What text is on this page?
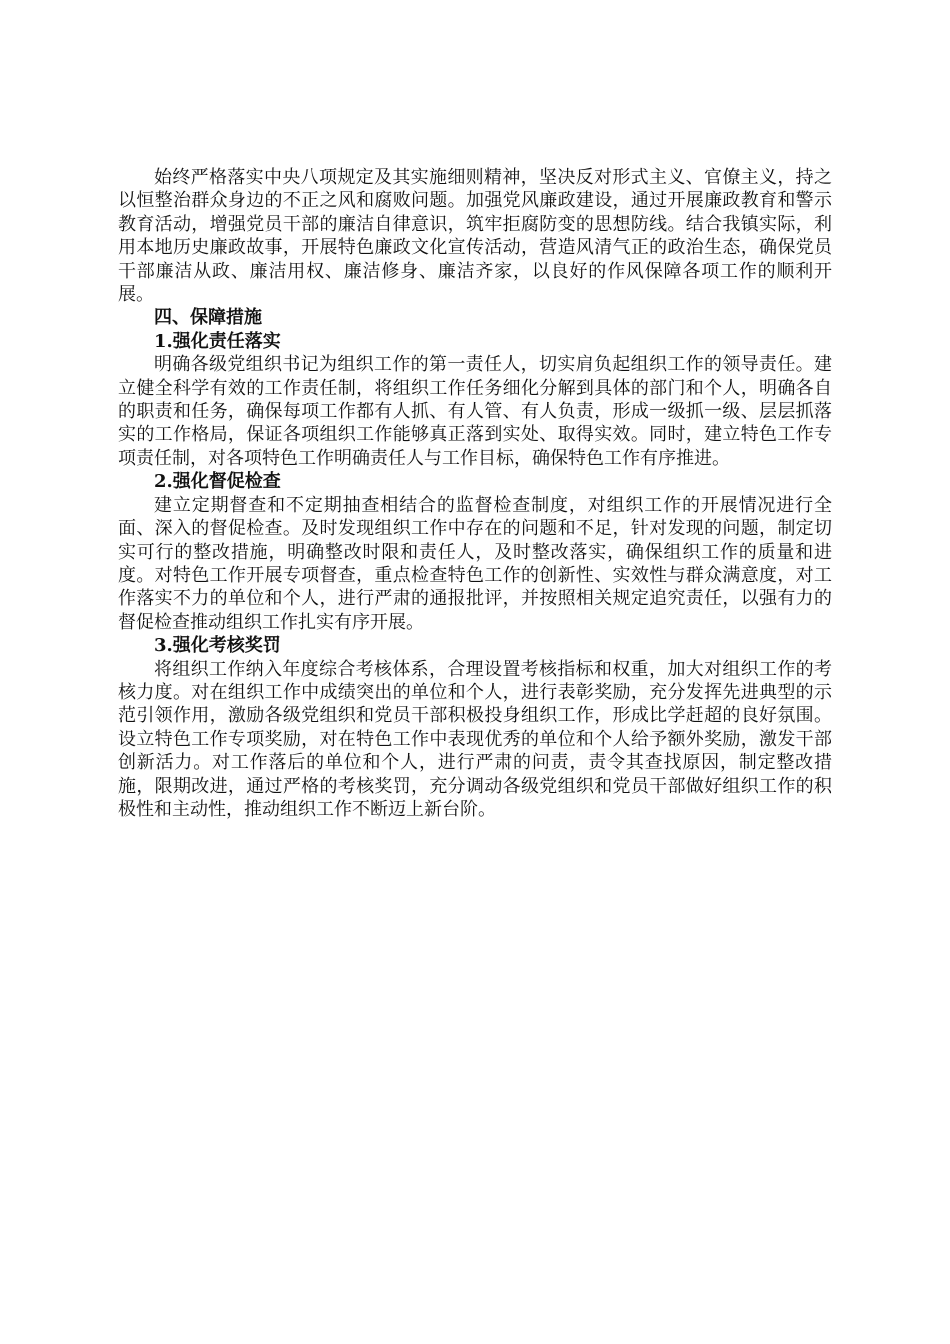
始终严格落实中央八项规定及其实施细则精神，坚决反对形式主义、官僚主义，持之以恒整治群众身边的不正之风和腐败问题。加强党风廉政建设，通过开展廉政教育和警示教育活动，增强党员干部的廉洁自律意识，筑牢拒腐防变的思想防线。结合我镇实际，利用本地历史廉政故事，开展特色廉政文化宣传活动，营造风清气正的政治生态，确保党员干部廉洁从政、廉洁用权、廉洁修身、廉洁齐家，以良好的作风保障各项工作的顺利开展。

四、保障措施

1.强化责任落实

明确各级党组织书记为组织工作的第一责任人，切实肩负起组织工作的领导责任。建立健全科学有效的工作责任制，将组织工作任务细化分解到具体的部门和个人，明确各自的职责和任务，确保每项工作都有人抓、有人管、有人负责，形成一级抓一级、层层抓落实的工作格局，保证各项组织工作能够真正落到实处、取得实效。同时，建立特色工作专项责任制，对各项特色工作明确责任人与工作目标，确保特色工作有序推进。

2.强化督促检查

建立定期督查和不定期抽查相结合的监督检查制度，对组织工作的开展情况进行全面、深入的督促检查。及时发现组织工作中存在的问题和不足，针对发现的问题，制定切实可行的整改措施，明确整改时限和责任人，及时整改落实，确保组织工作的质量和进度。对特色工作开展专项督查，重点检查特色工作的创新性、实效性与群众满意度，对工作落实不力的单位和个人，进行严肃的通报批评，并按照相关规定追究责任，以强有力的督促检查推动组织工作扎实有序开展。

3.强化考核奖罚

将组织工作纳入年度综合考核体系，合理设置考核指标和权重，加大对组织工作的考核力度。对在组织工作中成绩突出的单位和个人，进行表彰奖励，充分发挥先进典型的示范引领作用，激励各级党组织和党员干部积极投身组织工作，形成比学赶超的良好氛围。设立特色工作专项奖励，对在特色工作中表现优秀的单位和个人给予额外奖励，激发干部创新活力。对工作落后的单位和个人，进行严肃的问责，责令其查找原因，制定整改措施，限期改进，通过严格的考核奖罚，充分调动各级党组织和党员干部做好组织工作的积极性和主动性，推动组织工作不断迈上新台阶。
